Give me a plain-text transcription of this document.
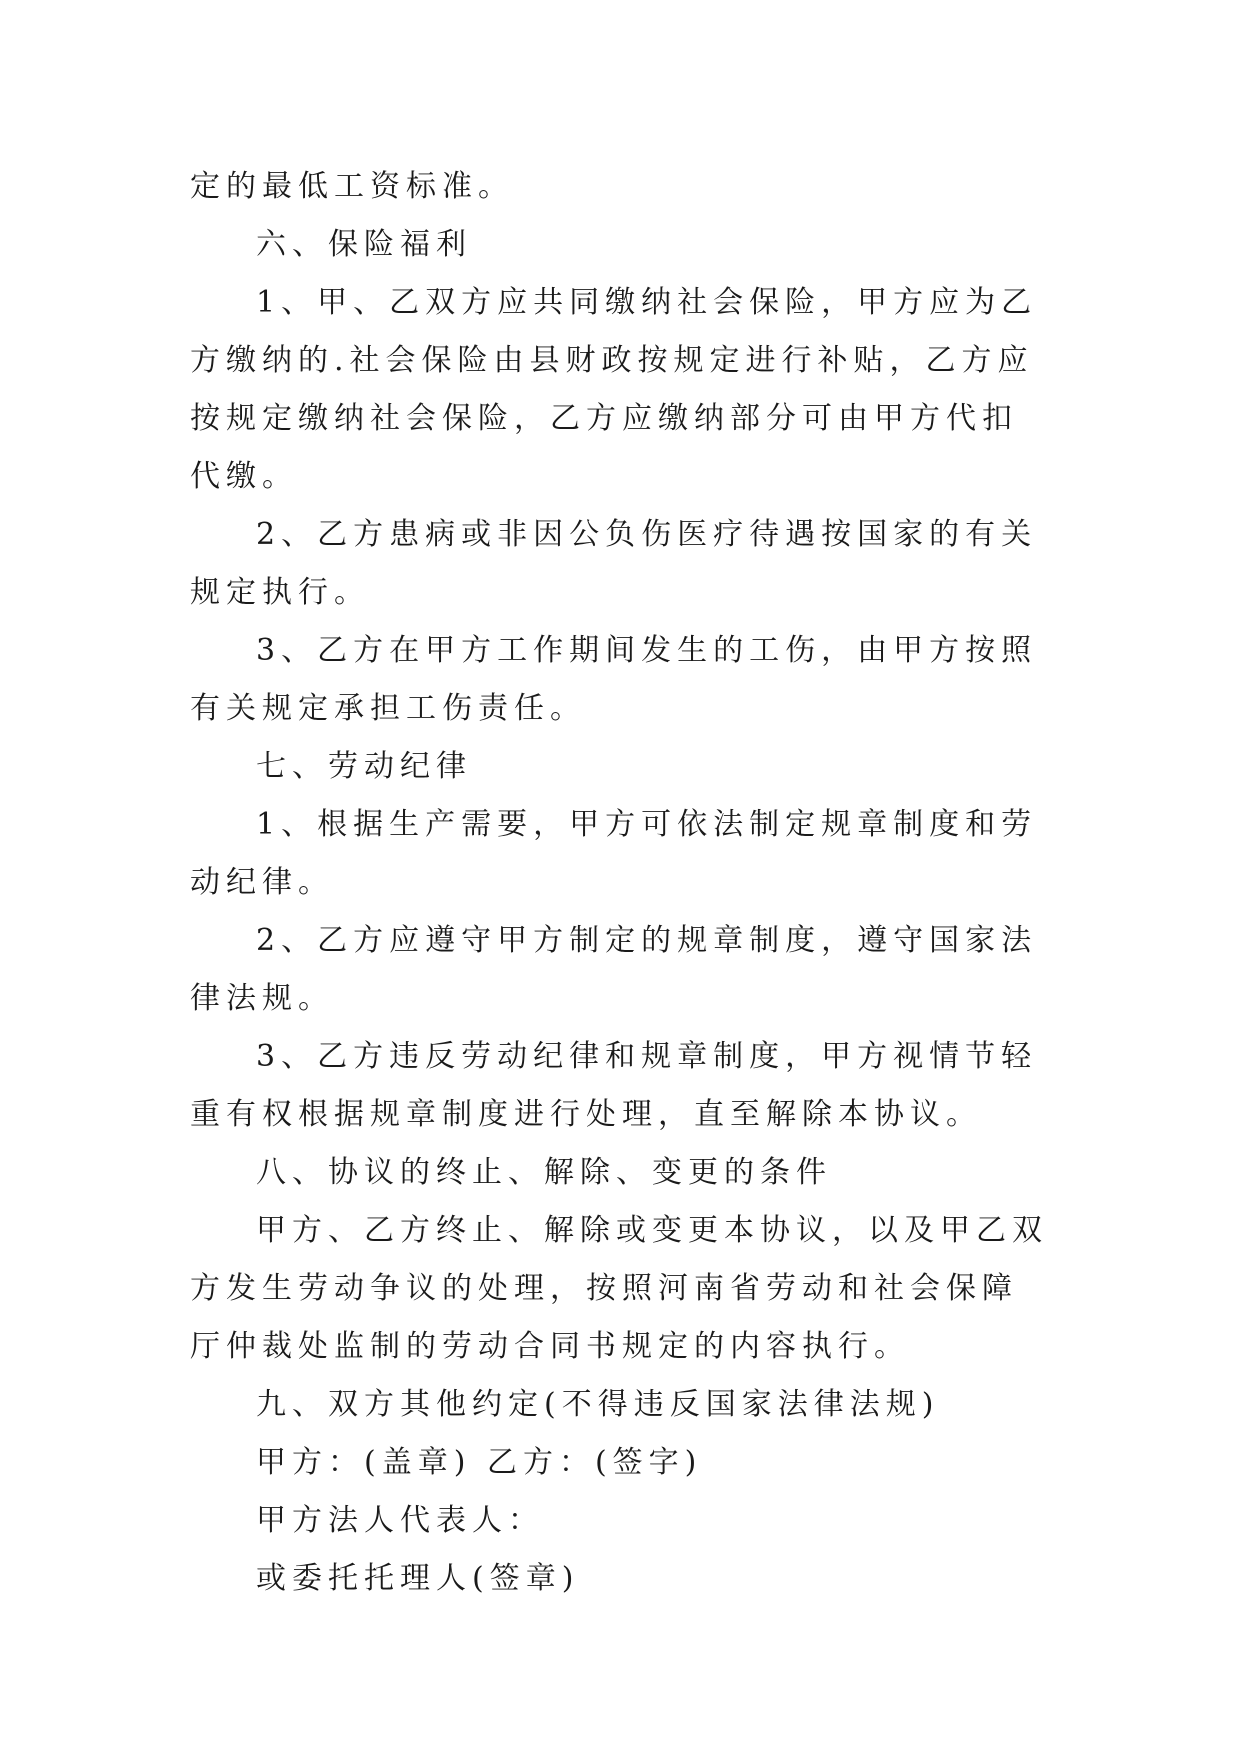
定的最低工资标准。
六、保险福利
1、甲、乙双方应共同缴纳社会保险，甲方应为乙方缴纳的.社会保险由县财政按规定进行补贴，乙方应按规定缴纳社会保险，乙方应缴纳部分可由甲方代扣代缴。
2、乙方患病或非因公负伤医疗待遇按国家的有关规定执行。
3、乙方在甲方工作期间发生的工伤，由甲方按照有关规定承担工伤责任。
七、劳动纪律
1、根据生产需要，甲方可依法制定规章制度和劳动纪律。
2、乙方应遵守甲方制定的规章制度，遵守国家法律法规。
3、乙方违反劳动纪律和规章制度，甲方视情节轻重有权根据规章制度进行处理，直至解除本协议。
八、协议的终止、解除、变更的条件
甲方、乙方终止、解除或变更本协议，以及甲乙双方发生劳动争议的处理，按照河南省劳动和社会保障厅仲裁处监制的劳动合同书规定的内容执行。
九、双方其他约定(不得违反国家法律法规)
甲方：(盖章) 乙方：(签字)
甲方法人代表人：
或委托托理人(签章)
